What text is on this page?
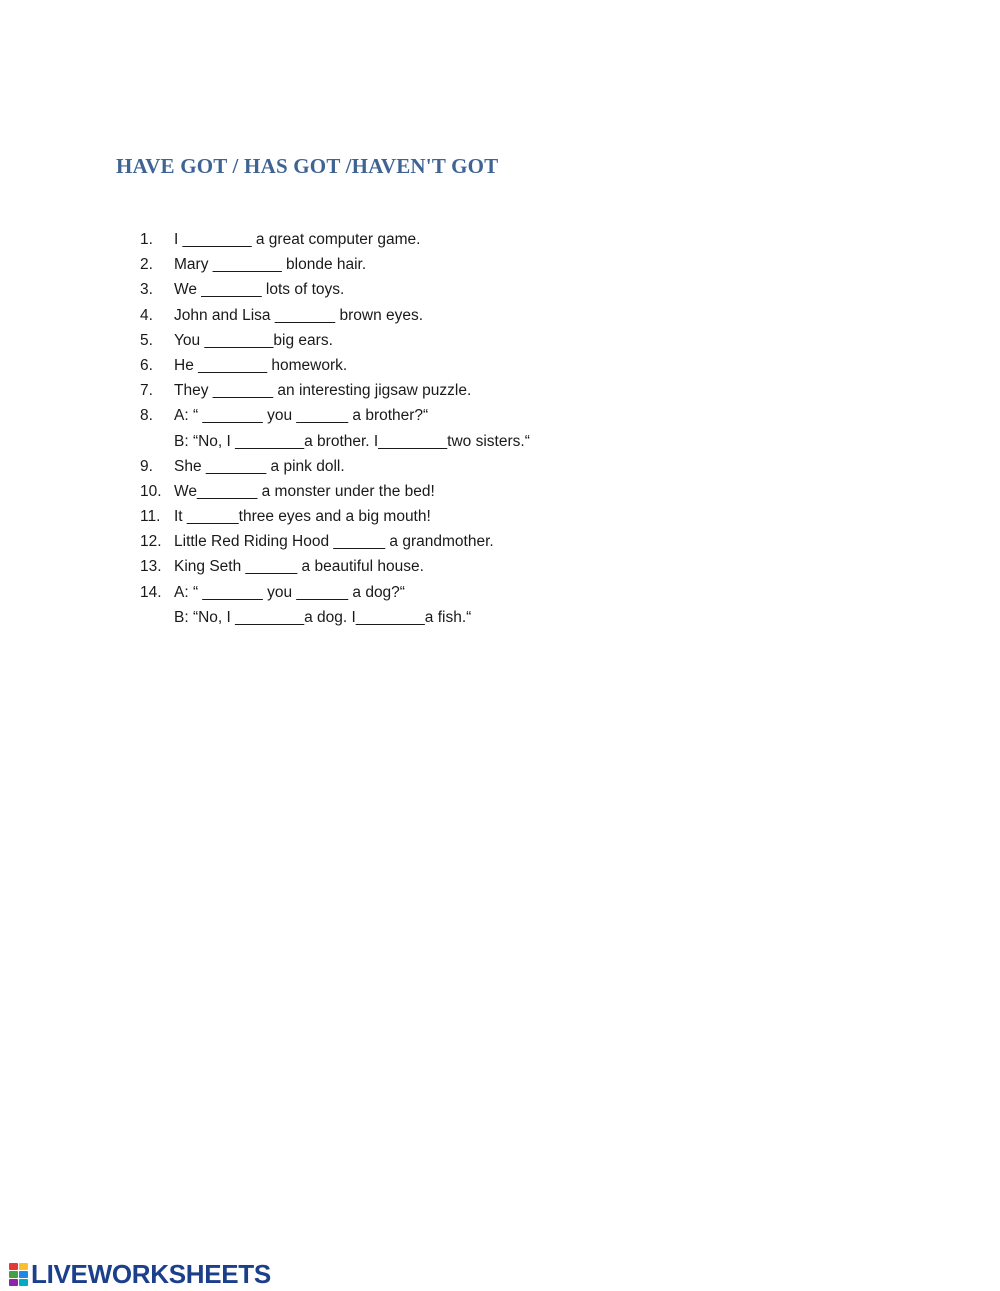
HAVE GOT / HAS GOT /HAVEN'T GOT
1.	I ________ a great computer game.
2.	Mary ________ blonde hair.
3.	We _______ lots of toys.
4.	John and Lisa _______ brown eyes.
5.	You ________big ears.
6.	He ________ homework.
7.	They _______ an interesting jigsaw puzzle.
8.	A: “ _______ you ______ a brother?“
B: “No, I ________a brother. I________two sisters.“
9.	She _______ a pink doll.
10. We_______ a monster under the bed!
11. It ______three eyes and a big mouth!
12. Little Red Riding Hood ______ a grandmother.
13. King Seth ______ a beautiful house.
14. A: “ _______ you ______ a dog?“
B: “No, I ________a dog. I________a fish.“
LIVEWORKSHEETS
